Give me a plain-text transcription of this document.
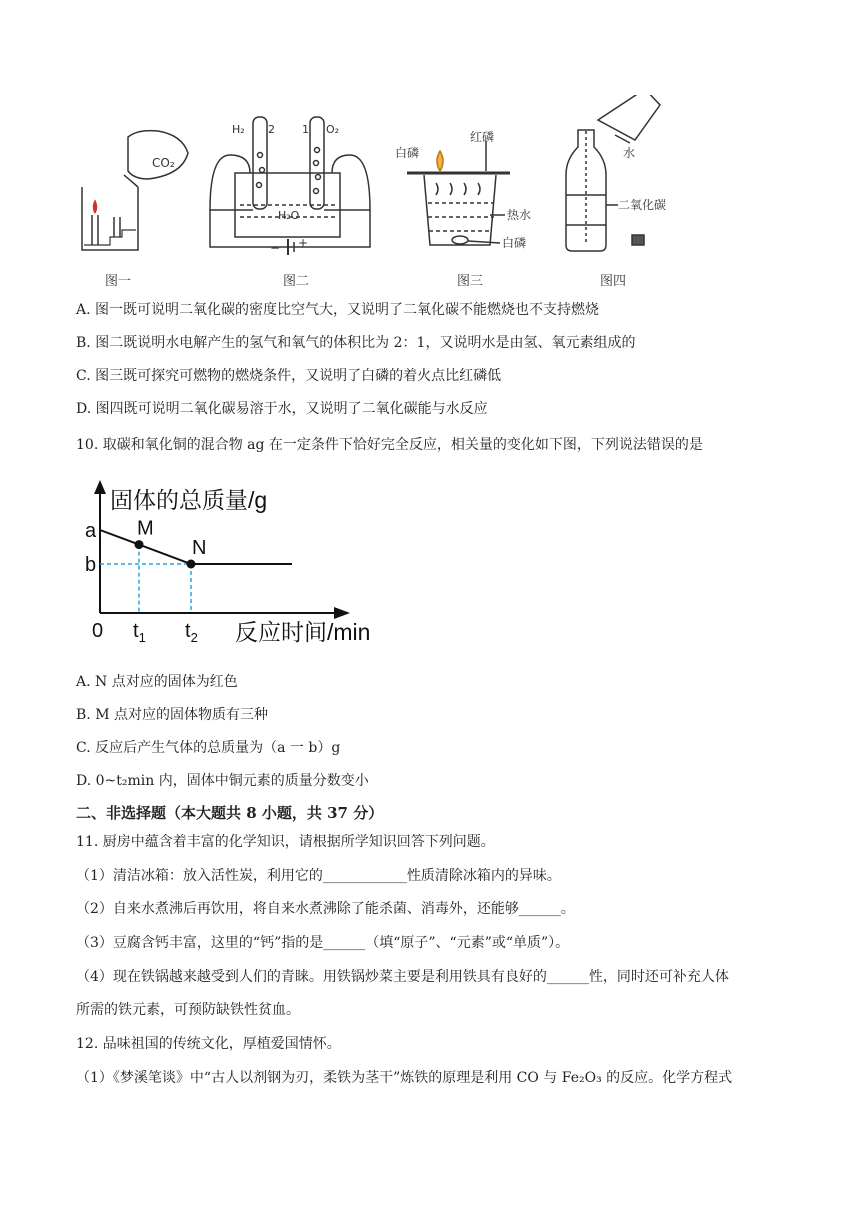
CO₂
H₂ 2 1 O₂
H₂O
− +
白磷
红磷
热水
白磷
水
二氧化碳
图一	图二	图三	图四
A. 图一既可说明二氧化碳的密度比空气大，又说明了二氧化碳不能燃烧也不支持燃烧
B. 图二既说明水电解产生的氢气和氧气的体积比为 2：1，又说明水是由氢、氧元素组成的
C. 图三既可探究可燃物的燃烧条件，又说明了白磷的着火点比红磷低
D. 图四既可说明二氧化碳易溶于水，又说明了二氧化碳能与水反应
10. 取碳和氧化铜的混合物 ag 在一定条件下恰好完全反应，相关量的变化如下图，下列说法错误的是
固体的总质量/g
反应时间/min
0
a
b
M
N
$t_1$ $t_2$
A. N 点对应的固体为红色
B. M 点对应的固体物质有三种
C. 反应后产生气体的总质量为（a 一 b）g
D. 0~t₂min 内，固体中铜元素的质量分数变小
二、非选择题（本大题共 8 小题，共 37 分）
11. 厨房中蕴含着丰富的化学知识，请根据所学知识回答下列问题。
（1）清洁冰箱：放入活性炭，利用它的____________性质清除冰箱内的异味。
（2）自来水煮沸后再饮用，将自来水煮沸除了能杀菌、消毒外，还能够______。
（3）豆腐含钙丰富，这里的“钙”指的是______（填“原子”、“元素”或“单质”）。
（4）现在铁锅越来越受到人们的青睐。用铁锅炒菜主要是利用铁具有良好的______性，同时还可补充人体
所需的铁元素，可预防缺铁性贫血。
12. 品味祖国的传统文化，厚植爱国情怀。
（1）《梦溪笔谈》中“古人以剂钢为刃，柔铁为茎干”炼铁的原理是利用 CO 与 Fe₂O₃ 的反应。化学方程式
